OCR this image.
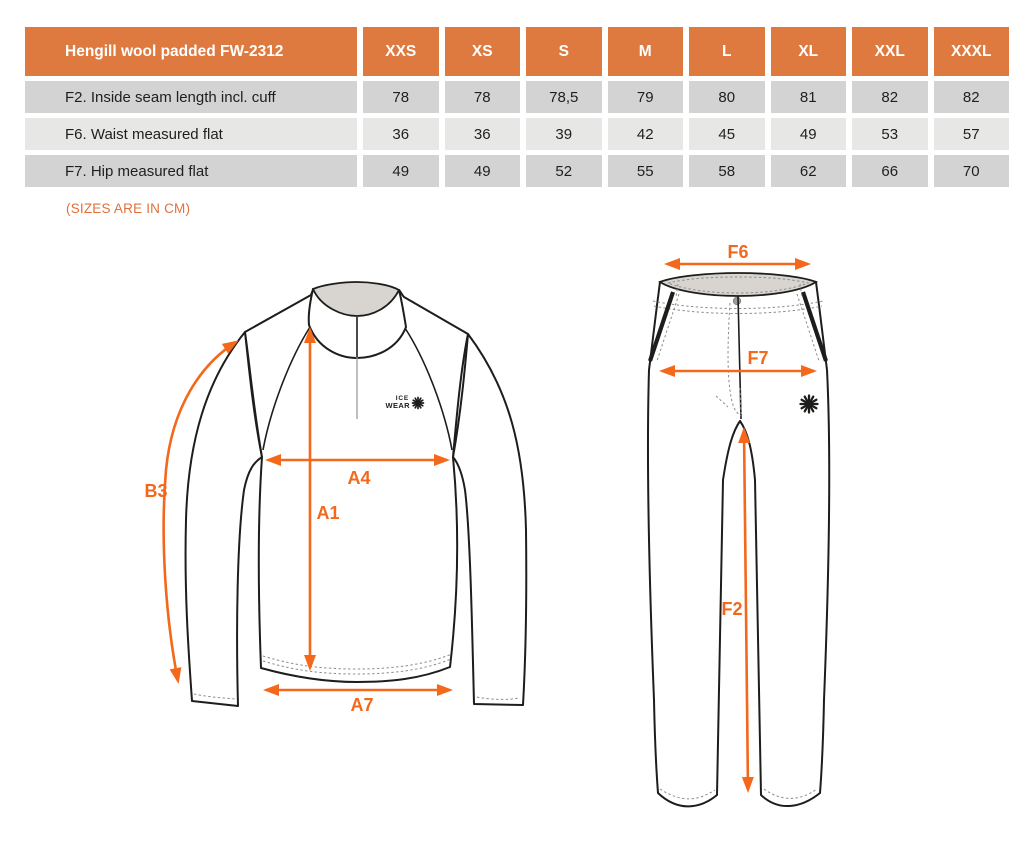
Hengill wool padded FW-2312	XXS	XS	S	M	L	XL	XXL	XXXL
F2. Inside seam length incl. cuff	78	78	78,5	79	80	81	82	82
F6. Waist measured flat	36	36	39	42	45	49	53	57
F7. Hip measured flat	49	49	52	55	58	62	66	70
(SIZES ARE IN CM)
ICE
WEAR
B3
A1
A4
A7
F6
F7
F2
